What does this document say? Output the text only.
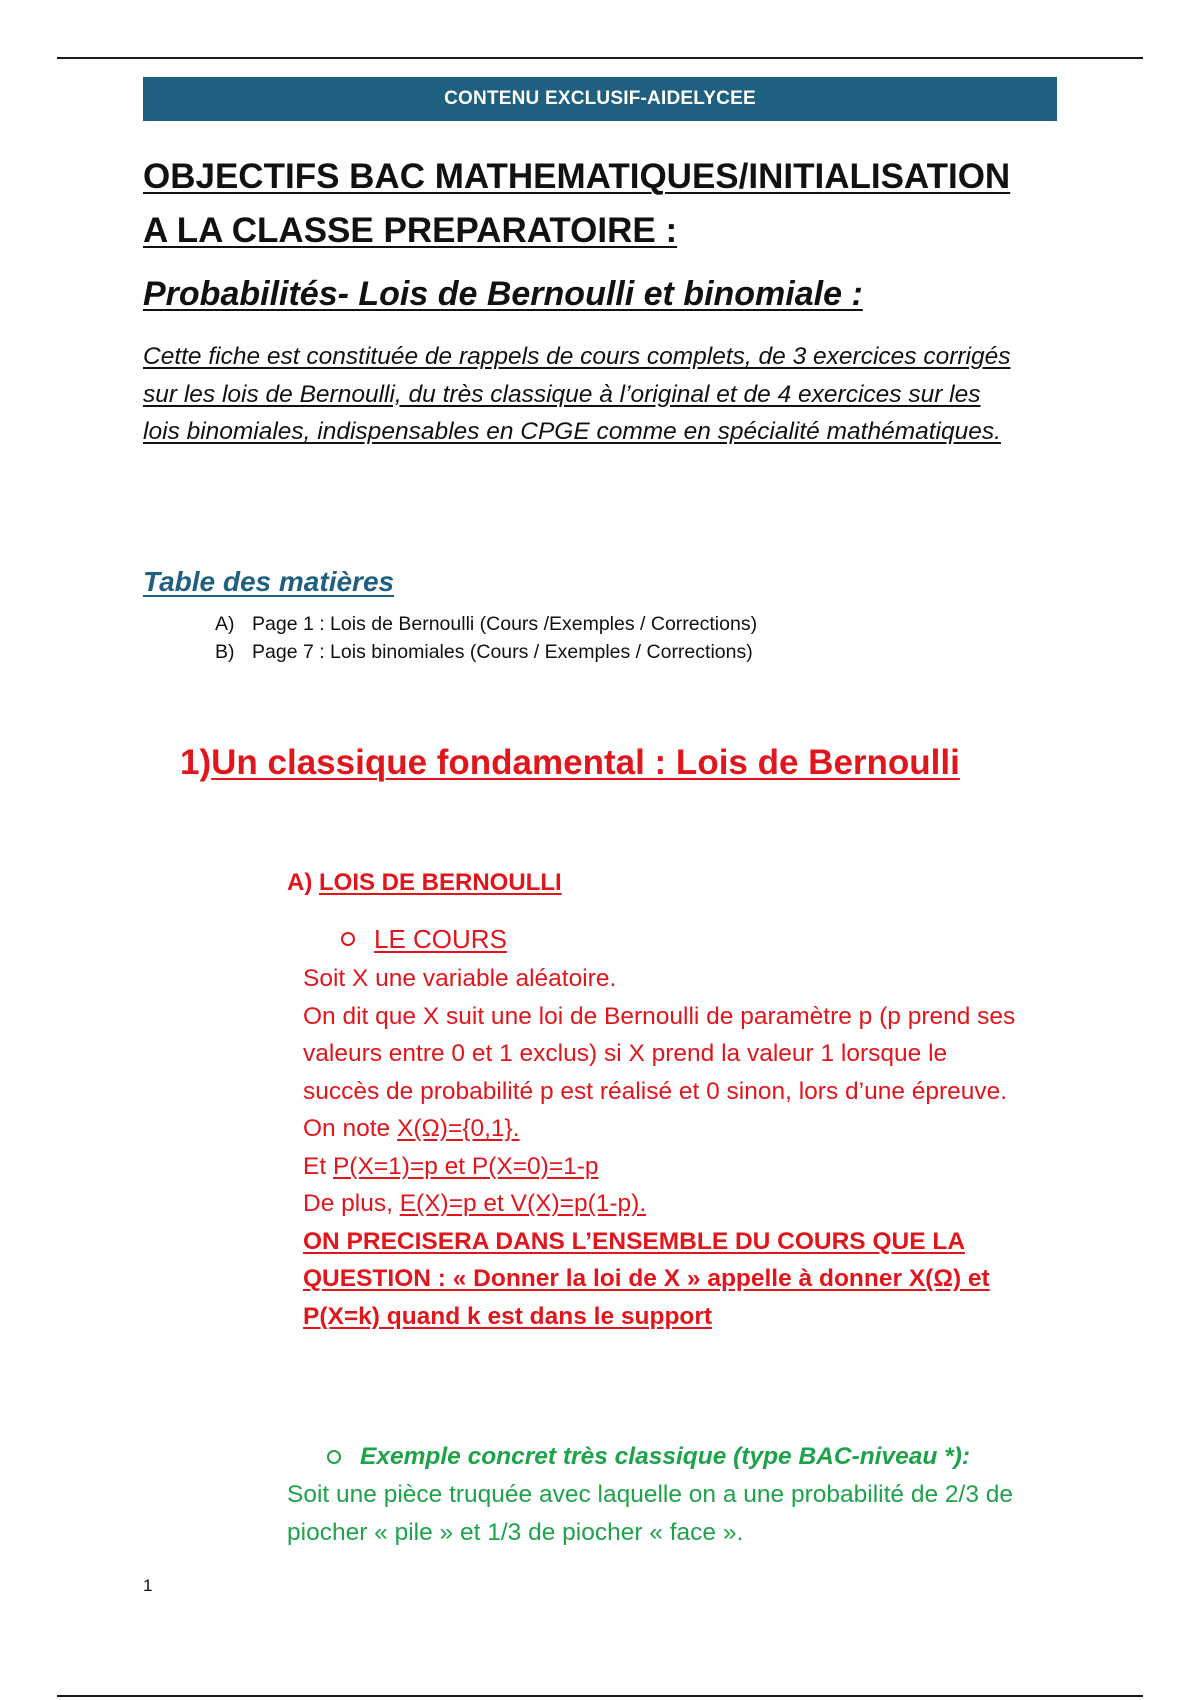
CONTENU EXCLUSIF-AIDELYCEE
OBJECTIFS BAC MATHEMATIQUES/INITIALISATION
A LA CLASSE PREPARATOIRE :
Probabilités- Lois de Bernoulli et binomiale :

Cette fiche est constituée de rappels de cours complets, de 3 exercices corrigés sur les lois de Bernoulli, du très classique à l’original et de 4 exercices sur les lois binomiales, indispensables en CPGE comme en spécialité mathématiques.

Table des matières
A) Page 1 : Lois de Bernoulli (Cours /Exemples / Corrections)
B) Page 7 : Lois binomiales (Cours / Exemples / Corrections)
1)Un classique fondamental : Lois de Bernoulli
A) LOIS DE BERNOULLI
LE COURS

Soit X une variable aléatoire.

On dit que X suit une loi de Bernoulli de paramètre p (p prend ses valeurs entre 0 et 1 exclus) si X prend la valeur 1 lorsque le succès de probabilité p est réalisé et 0 sinon, lors d’une épreuve.

On note X(Ω)={0,1}.

Et P(X=1)=p et P(X=0)=1-p

De plus, E(X)=p et V(X)=p(1-p).

ON PRECISERA DANS L’ENSEMBLE DU COURS QUE LA QUESTION : « Donner la loi de X » appelle à donner X(Ω) et P(X=k) quand k est dans le support

Exemple concret très classique (type BAC-niveau *):

Soit une pièce truquée avec laquelle on a une probabilité de 2/3 de piocher « pile » et 1/3 de piocher « face ».

1
